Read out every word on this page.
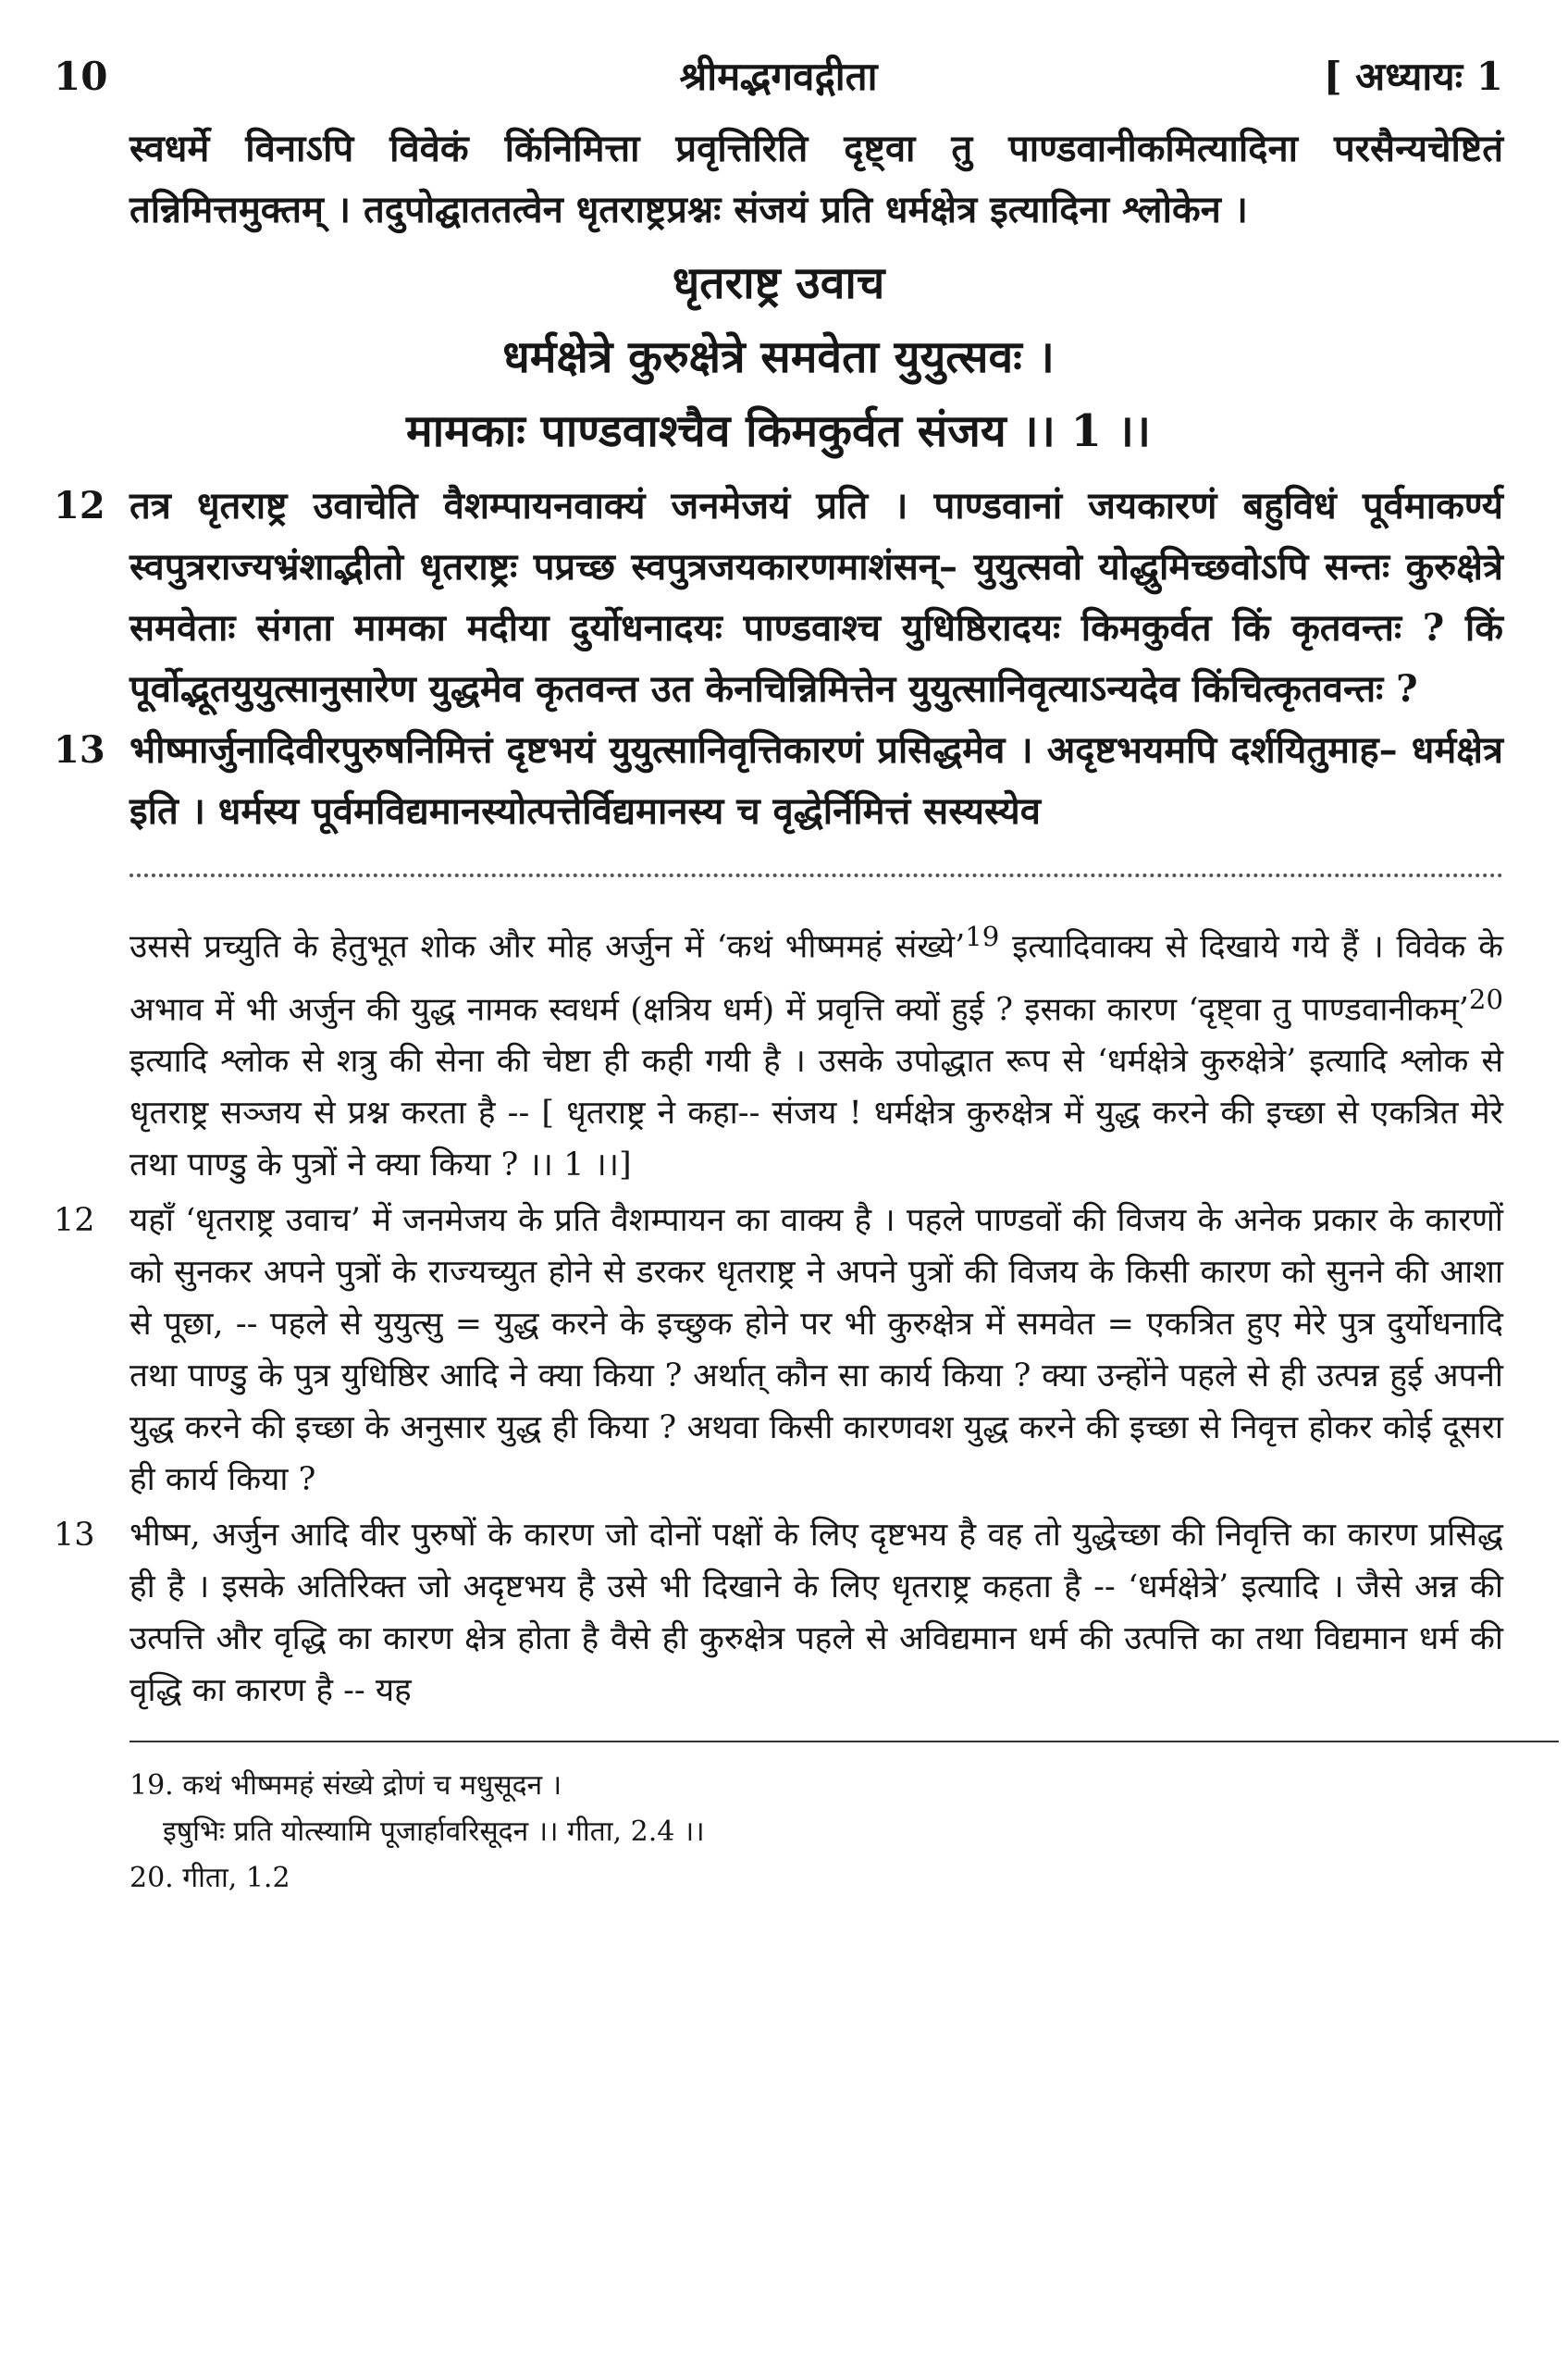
10	श्रीमद्भगवद्गीता	[ अध्यायः 1
स्वधर्मे विनाऽपि विवेकं किंनिमित्ता प्रवृत्तिरिति दृष्ट्वा तु पाण्डवानीकमित्यादिना परसैन्यचेष्टितं तन्निमित्तमुक्तम् । तदुपोद्घाततत्वेन धृतराष्ट्रप्रश्नः संजयं प्रति धर्मक्षेत्र इत्यादिना श्लोकेन ।
धृतराष्ट्र उवाच
धर्मक्षेत्रे कुरुक्षेत्रे समवेता युयुत्सवः ।
मामकाः पाण्डवाश्चैव किमकुर्वत संजय ।। 1 ।।
12 तत्र धृतराष्ट्र उवाचेति वैशम्पायनवाक्यं जनमेजयं प्रति । पाण्डवानां जयकारणं बहुविधं पूर्वमाकर्ण्य स्वपुत्रराज्यभ्रंशाद्भीतो धृतराष्ट्रः पप्रच्छ स्वपुत्रजयकारणमाशंसन्– युयुत्सवो योद्धुमिच्छवोऽपि सन्तः कुरुक्षेत्रे समवेताः संगता मामका मदीया दुर्योधनादयः पाण्डवाश्च युधिष्ठिरादयः किमकुर्वत किं कृतवन्तः ? किं पूर्वोद्भूतयुयुत्सानुसारेण युद्धमेव कृतवन्त उत केनचिन्निमित्तेन युयुत्सानिवृत्याऽन्यदेव किंचित्कृतवन्तः ?
13 भीष्मार्जुनादिवीरपुरुषनिमित्तं दृष्टभयं युयुत्सानिवृत्तिकारणं प्रसिद्धमेव । अदृष्टभयमपि दर्शयितुमाह– धर्मक्षेत्र इति । धर्मस्य पूर्वमविद्यमानस्योत्पत्तेर्विद्यमानस्य च वृद्धेर्निमित्तं सस्यस्येव
उससे प्रच्युति के हेतुभूत शोक और मोह अर्जुन में ‘कथं भीष्ममहं संख्ये’$^{19}$ इत्यादिवाक्य से दिखाये गये हैं । विवेक के अभाव में भी अर्जुन की युद्ध नामक स्वधर्म (क्षत्रिय धर्म) में प्रवृत्ति क्यों हुई ? इसका कारण ‘दृष्ट्वा तु पाण्डवानीकम्’$^{20}$ इत्यादि श्लोक से शत्रु की सेना की चेष्टा ही कही गयी है । उसके उपोद्धात रूप से ‘धर्मक्षेत्रे कुरुक्षेत्रे’ इत्यादि श्लोक से धृतराष्ट्र सञ्जय से प्रश्न करता है -- [ धृतराष्ट्र ने कहा-- संजय ! धर्मक्षेत्र कुरुक्षेत्र में युद्ध करने की इच्छा से एकत्रित मेरे तथा पाण्डु के पुत्रों ने क्या किया ? ।। 1 ।।]
12 यहाँ ‘धृतराष्ट्र उवाच’ में जनमेजय के प्रति वैशम्पायन का वाक्य है । पहले पाण्डवों की विजय के अनेक प्रकार के कारणों को सुनकर अपने पुत्रों के राज्यच्युत होने से डरकर धृतराष्ट्र ने अपने पुत्रों की विजय के किसी कारण को सुनने की आशा से पूछा, -- पहले से युयुत्सु = युद्ध करने के इच्छुक होने पर भी कुरुक्षेत्र में समवेत = एकत्रित हुए मेरे पुत्र दुर्योधनादि तथा पाण्डु के पुत्र युधिष्ठिर आदि ने क्या किया ? अर्थात् कौन सा कार्य किया ? क्या उन्होंने पहले से ही उत्पन्न हुई अपनी युद्ध करने की इच्छा के अनुसार युद्ध ही किया ? अथवा किसी कारणवश युद्ध करने की इच्छा से निवृत्त होकर कोई दूसरा ही कार्य किया ?
13 भीष्म, अर्जुन आदि वीर पुरुषों के कारण जो दोनों पक्षों के लिए दृष्टभय है वह तो युद्धेच्छा की निवृत्ति का कारण प्रसिद्ध ही है । इसके अतिरिक्त जो अदृष्टभय है उसे भी दिखाने के लिए धृतराष्ट्र कहता है -- ‘धर्मक्षेत्रे’ इत्यादि । जैसे अन्न की उत्पत्ति और वृद्धि का कारण क्षेत्र होता है वैसे ही कुरुक्षेत्र पहले से अविद्यमान धर्म की उत्पत्ति का तथा विद्यमान धर्म की वृद्धि का कारण है -- यह
19. कथं भीष्ममहं संख्ये द्रोणं च मधुसूदन ।
इषुभिः प्रति योत्स्यामि पूजार्हावरिसूदन ।। गीता, 2.4 ।।
20. गीता, 1.2
